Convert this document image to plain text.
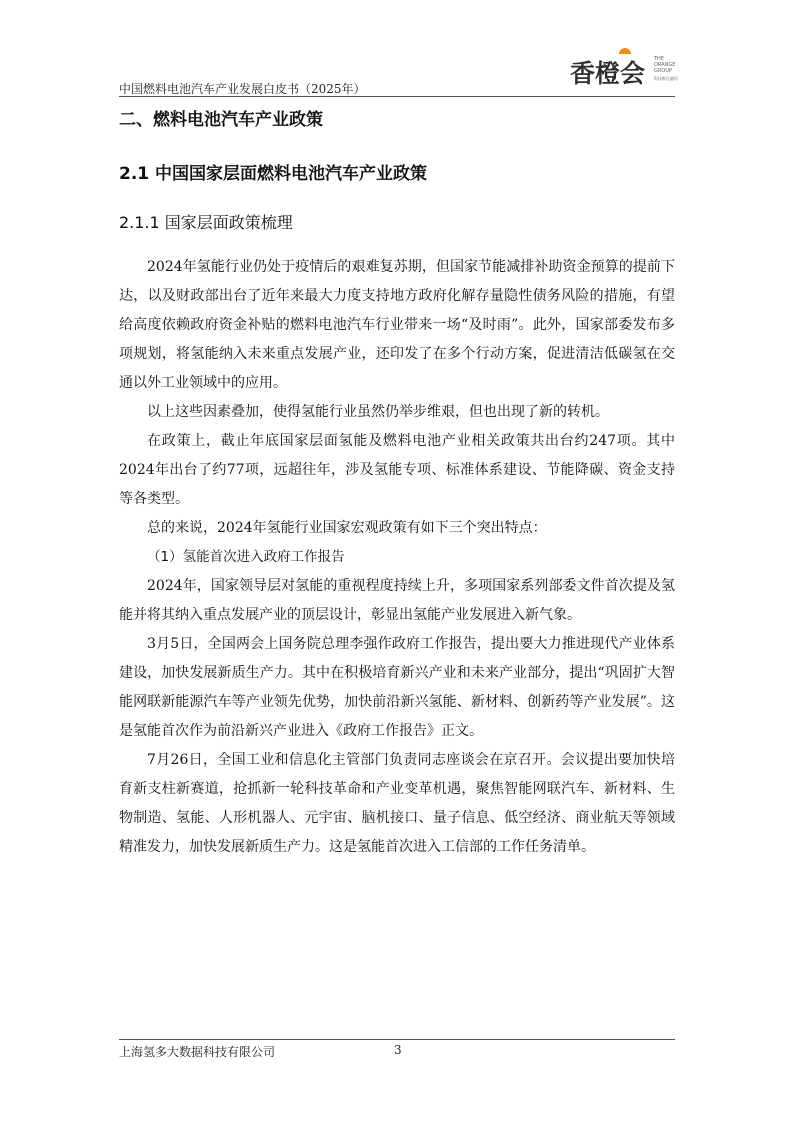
中国燃料电池汽车产业发展白皮书（2025年）
香橙会 THE ORANGE GROUP
科技孵化融资
二、燃料电池汽车产业政策
2.1 中国国家层面燃料电池汽车产业政策
2.1.1 国家层面政策梳理

2024年氢能行业仍处于疫情后的艰难复苏期，但国家节能减排补助资金预算的提前下达，以及财政部出台了近年来最大力度支持地方政府化解存量隐性债务风险的措施，有望给高度依赖政府资金补贴的燃料电池汽车行业带来一场“及时雨”。此外，国家部委发布多项规划，将氢能纳入未来重点发展产业，还印发了在多个行动方案，促进清洁低碳氢在交通以外工业领域中的应用。

以上这些因素叠加，使得氢能行业虽然仍举步维艰，但也出现了新的转机。

在政策上，截止年底国家层面氢能及燃料电池产业相关政策共出台约247项。其中2024年出台了约77项，远超往年，涉及氢能专项、标准体系建设、节能降碳、资金支持等各类型。

总的来说，2024年氢能行业国家宏观政策有如下三个突出特点：

（1）氢能首次进入政府工作报告

2024年，国家领导层对氢能的重视程度持续上升，多项国家系列部委文件首次提及氢能并将其纳入重点发展产业的顶层设计，彰显出氢能产业发展进入新气象。

3月5日，全国两会上国务院总理李强作政府工作报告，提出要大力推进现代产业体系建设，加快发展新质生产力。其中在积极培育新兴产业和未来产业部分，提出“巩固扩大智能网联新能源汽车等产业领先优势，加快前沿新兴氢能、新材料、创新药等产业发展”。这是氢能首次作为前沿新兴产业进入《政府工作报告》正文。

7月26日，全国工业和信息化主管部门负责同志座谈会在京召开。会议提出要加快培育新支柱新赛道，抢抓新一轮科技革命和产业变革机遇，聚焦智能网联汽车、新材料、生物制造、氢能、人形机器人、元宇宙、脑机接口、量子信息、低空经济、商业航天等领域精准发力，加快发展新质生产力。这是氢能首次进入工信部的工作任务清单。

上海氢多大数据科技有限公司	3
